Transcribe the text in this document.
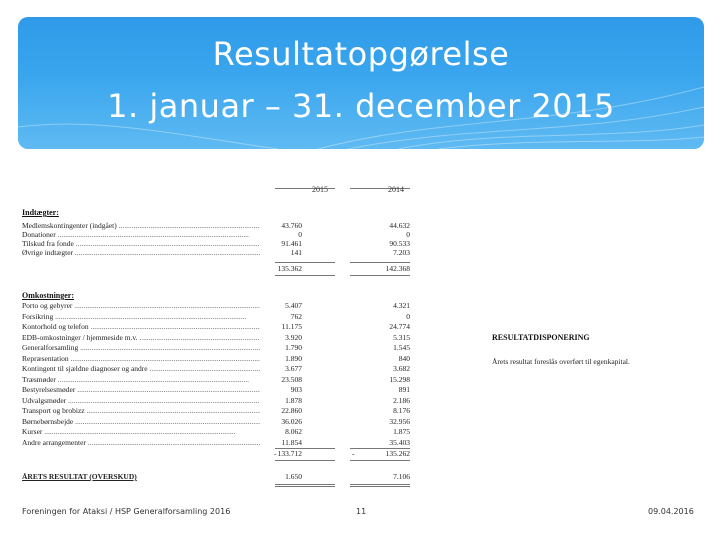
Resultatopgørelse
1. januar – 31. december 2015
2015	2014
Indtægter:
Medlemskontingenter (indgået) .....	43.760	44.632
Donationer .....	0	0
Tilskud fra fonde .....	91.461	90.533
Øvrige indtægter .....	141	7.203
135.362	142.368
Omkostninger:
Porto og gebyrer .....	5.407	4.321
Forsikring .....	762	0
Kontorhold og telefon .....	11.175	24.774
EDB-omkostninger / hjemmeside m.v. .....	3.920	5.315
Generalforsamling .....	1.790	1.545
Repræsentation .....	1.890	840
Kontingent til sjældne diagnoser og andre .....	3.677	3.682
Træsmøder .....	23.508	15.298
Bestyrelsesmøder .....	903	891
Udvalgsmøder .....	1.878	2.186
Transport og brobizz .....	22.860	8.176
Børnebørnsbejde .....	36.026	32.956
Kurser .....	8.062	1.875
Andre arrangementer .....	11.854	35.403
- 133.712	-	135.262
ÅRETS RESULTAT (OVERSKUD)	1.650	7.106
RESULTATDISPONERING
Årets resultat foreslås overført til egenkapital.
Foreningen for Ataksi / HSP Generalforsamling 2016	11	09.04.2016
